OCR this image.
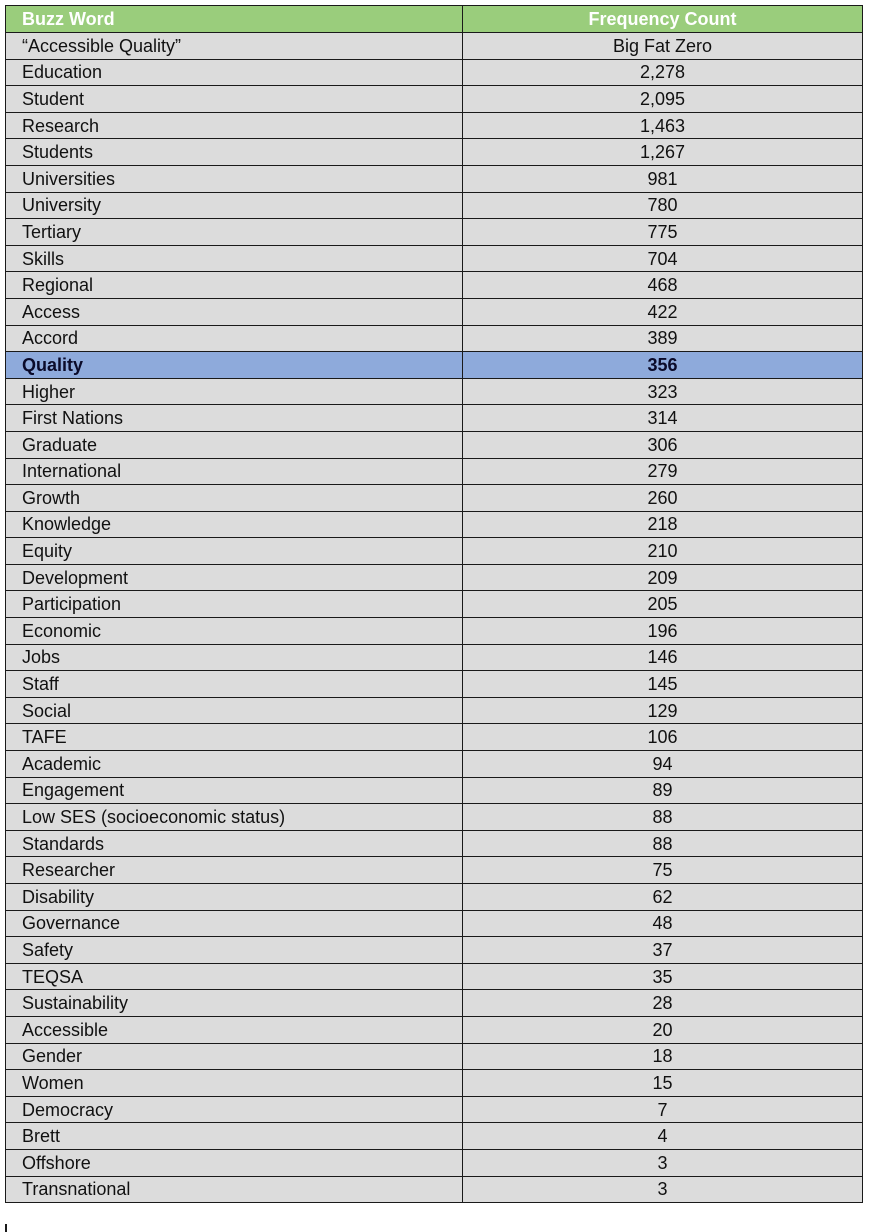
Buzz Word	Frequency Count
“Accessible Quality”	Big Fat Zero
Education	2,278
Student	2,095
Research	1,463
Students	1,267
Universities	981
University	780
Tertiary	775
Skills	704
Regional	468
Access	422
Accord	389
Quality	356
Higher	323
First Nations	314
Graduate	306
International	279
Growth	260
Knowledge	218
Equity	210
Development	209
Participation	205
Economic	196
Jobs	146
Staff	145
Social	129
TAFE	106
Academic	94
Engagement	89
Low SES (socioeconomic status)	88
Standards	88
Researcher	75
Disability	62
Governance	48
Safety	37
TEQSA	35
Sustainability	28
Accessible	20
Gender	18
Women	15
Democracy	7
Brett	4
Offshore	3
Transnational	3
